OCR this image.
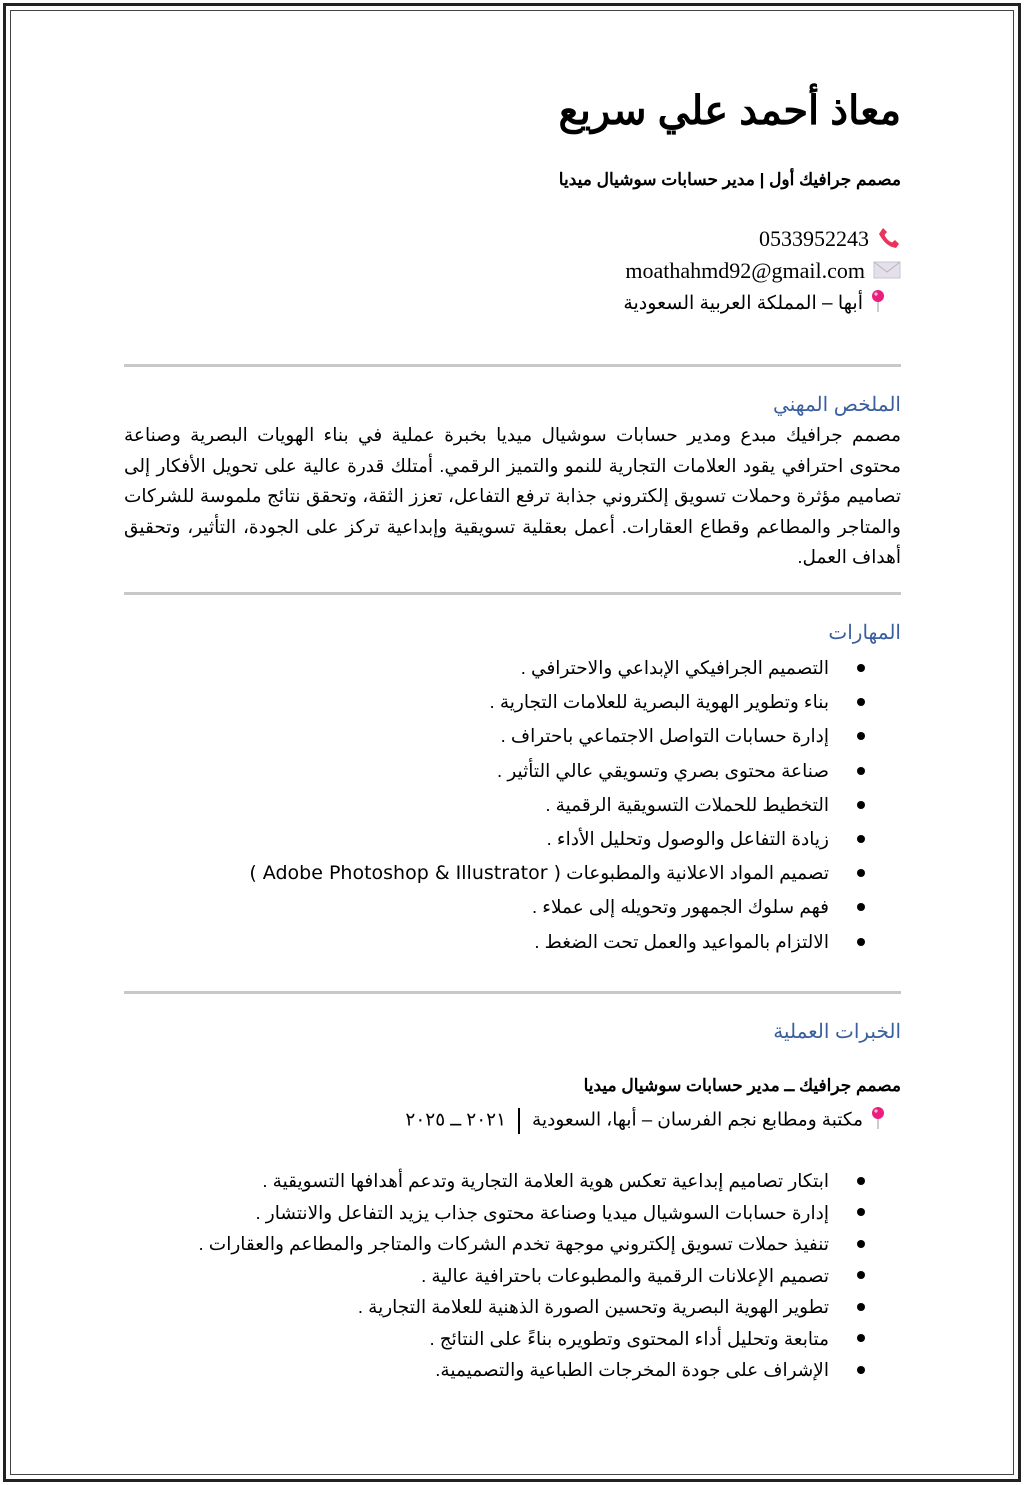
معاذ أحمد علي سريع
مصمم جرافيك أول | مدير حسابات سوشيال ميديا
0533952243
moathahmd92@gmail.com
أبها – المملكة العربية السعودية
الملخص المهني
مصمم جرافيك مبدع ومدير حسابات سوشيال ميديا بخبرة عملية في بناء الهويات البصرية وصناعة محتوى احترافي يقود العلامات التجارية للنمو والتميز الرقمي. أمتلك قدرة عالية على تحويل الأفكار إلى تصاميم مؤثرة وحملات تسويق إلكتروني جذابة ترفع التفاعل، تعزز الثقة، وتحقق نتائج ملموسة للشركات والمتاجر والمطاعم وقطاع العقارات. أعمل بعقلية تسويقية وإبداعية تركز على الجودة، التأثير، وتحقيق أهداف العمل.
المهارات
التصميم الجرافيكي الإبداعي والاحترافي .
بناء وتطوير الهوية البصرية للعلامات التجارية .
إدارة حسابات التواصل الاجتماعي باحتراف .
صناعة محتوى بصري وتسويقي عالي التأثير .
التخطيط للحملات التسويقية الرقمية .
زيادة التفاعل والوصول وتحليل الأداء .
تصميم المواد الاعلانية والمطبوعات ( Adobe Photoshop & Illustrator )
فهم سلوك الجمهور وتحويله إلى عملاء .
الالتزام بالمواعيد والعمل تحت الضغط .
الخبرات العملية
مصمم جرافيك ــ مدير حسابات سوشيال ميديا
مكتبة ومطابع نجم الفرسان – أبها، السعودية٢٠٢١ ــ ٢٠٢٥
ابتكار تصاميم إبداعية تعكس هوية العلامة التجارية وتدعم أهدافها التسويقية .
إدارة حسابات السوشيال ميديا وصناعة محتوى جذاب يزيد التفاعل والانتشار .
تنفيذ حملات تسويق إلكتروني موجهة تخدم الشركات والمتاجر والمطاعم والعقارات .
تصميم الإعلانات الرقمية والمطبوعات باحترافية عالية .
تطوير الهوية البصرية وتحسين الصورة الذهنية للعلامة التجارية .
متابعة وتحليل أداء المحتوى وتطويره بناءً على النتائج .
الإشراف على جودة المخرجات الطباعية والتصميمية.
